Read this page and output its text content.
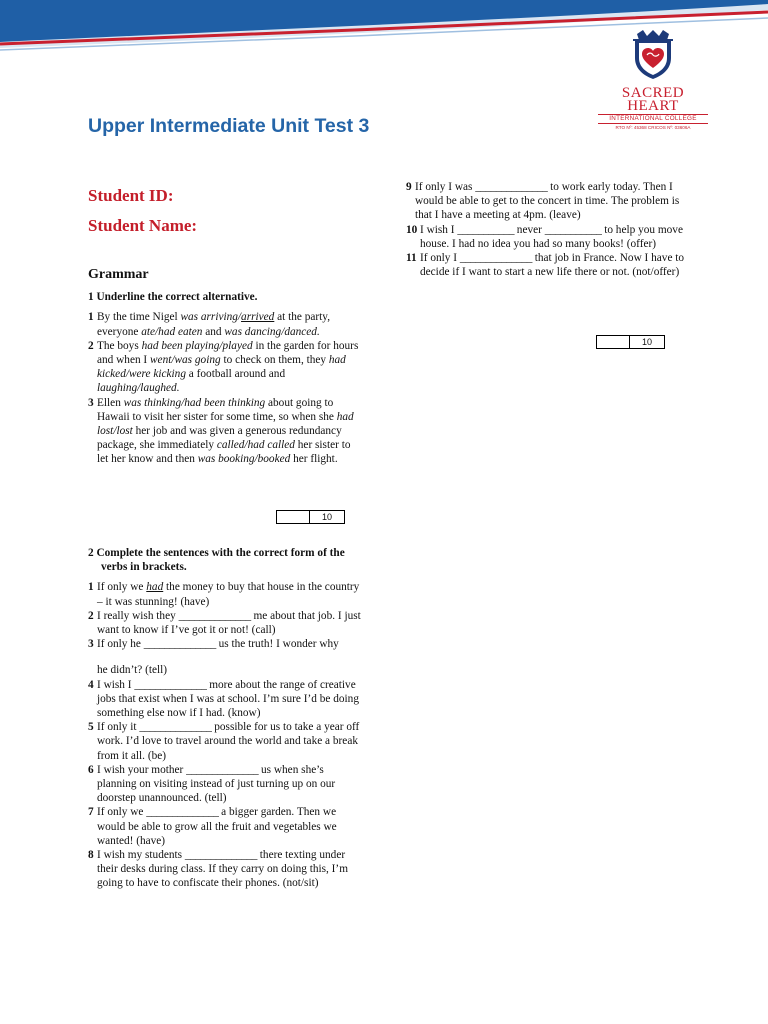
SACRED HEART
INTERNATIONAL COLLEGE
RTO Nº: 45368 CRICOS Nº: 03606A
Upper Intermediate Unit Test 3
Student ID:
Student Name:
Grammar
1 Underline the correct alternative.
1 By the time Nigel was arriving/arrived at the party, everyone ate/had eaten and was dancing/danced.
2 The boys had been playing/played in the garden for hours and when I went/was going to check on them, they had kicked/were kicking a football around and laughing/laughed.
3 Ellen was thinking/had been thinking about going to Hawaii to visit her sister for some time, so when she had lost/lost her job and was given a generous redundancy package, she immediately called/had called her sister to let her know and then was booking/booked her flight.
10
2 Complete the sentences with the correct form of the verbs in brackets.
1 If only we had the money to buy that house in the country – it was stunning! (have)
2 I really wish they ______________ me about that job. I just want to know if I’ve got it or not! (call)
3 If only he ______________ us the truth! I wonder why
he didn’t? (tell)
4 I wish I ______________ more about the range of creative jobs that exist when I was at school. I’m sure I’d be doing something else now if I had. (know)
5 If only it ______________ possible for us to take a year off work. I’d love to travel around the world and take a break from it all. (be)
6 I wish your mother ______________ us when she’s planning on visiting instead of just turning up on our doorstep unannounced. (tell)
7 If only we ______________ a bigger garden. Then we would be able to grow all the fruit and vegetables we wanted! (have)
8 I wish my students ______________ there texting under their desks during class. If they carry on doing this, I’m going to have to confiscate their phones. (not/sit)
9 If only I was ______________ to work early today. Then I would be able to get to the concert in time. The problem is that I have a meeting at 4pm. (leave)
10 I wish I ___________ never ___________ to help you move house. I had no idea you had so many books! (offer)
11 If only I ______________ that job in France. Now I have to decide if I want to start a new life there or not. (not/offer)
10
